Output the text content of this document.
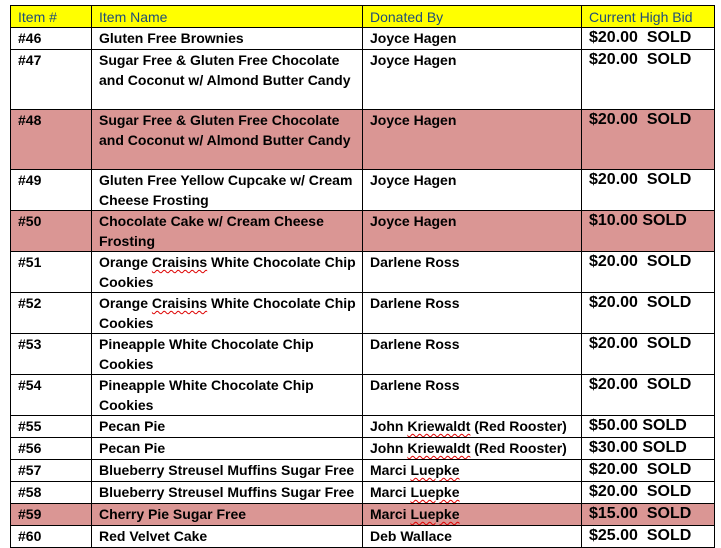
Item #	Item Name	Donated By	Current High Bid
#46	Gluten Free Brownies	Joyce Hagen	$20.00  SOLD
#47	Sugar Free & Gluten Free Chocolate and Coconut w/ Almond Butter Candy	Joyce Hagen	$20.00  SOLD
#48	Sugar Free & Gluten Free Chocolate and Coconut w/ Almond Butter Candy	Joyce Hagen	$20.00  SOLD
#49	Gluten Free Yellow Cupcake w/ Cream Cheese Frosting	Joyce Hagen	$20.00  SOLD
#50	Chocolate Cake w/ Cream Cheese Frosting	Joyce Hagen	$10.00 SOLD
#51	Orange Craisins White Chocolate Chip Cookies	Darlene Ross	$20.00  SOLD
#52	Orange Craisins White Chocolate Chip Cookies	Darlene Ross	$20.00  SOLD
#53	Pineapple White Chocolate Chip Cookies	Darlene Ross	$20.00  SOLD
#54	Pineapple White Chocolate Chip Cookies	Darlene Ross	$20.00  SOLD
#55	Pecan Pie	John Kriewaldt (Red Rooster)	$50.00 SOLD
#56	Pecan Pie	John Kriewaldt (Red Rooster)	$30.00 SOLD
#57	Blueberry Streusel Muffins Sugar Free	Marci Luepke	$20.00  SOLD
#58	Blueberry Streusel Muffins Sugar Free	Marci Luepke	$20.00  SOLD
#59	Cherry Pie Sugar Free	Marci Luepke	$15.00  SOLD
#60	Red Velvet Cake	Deb Wallace	$25.00  SOLD
